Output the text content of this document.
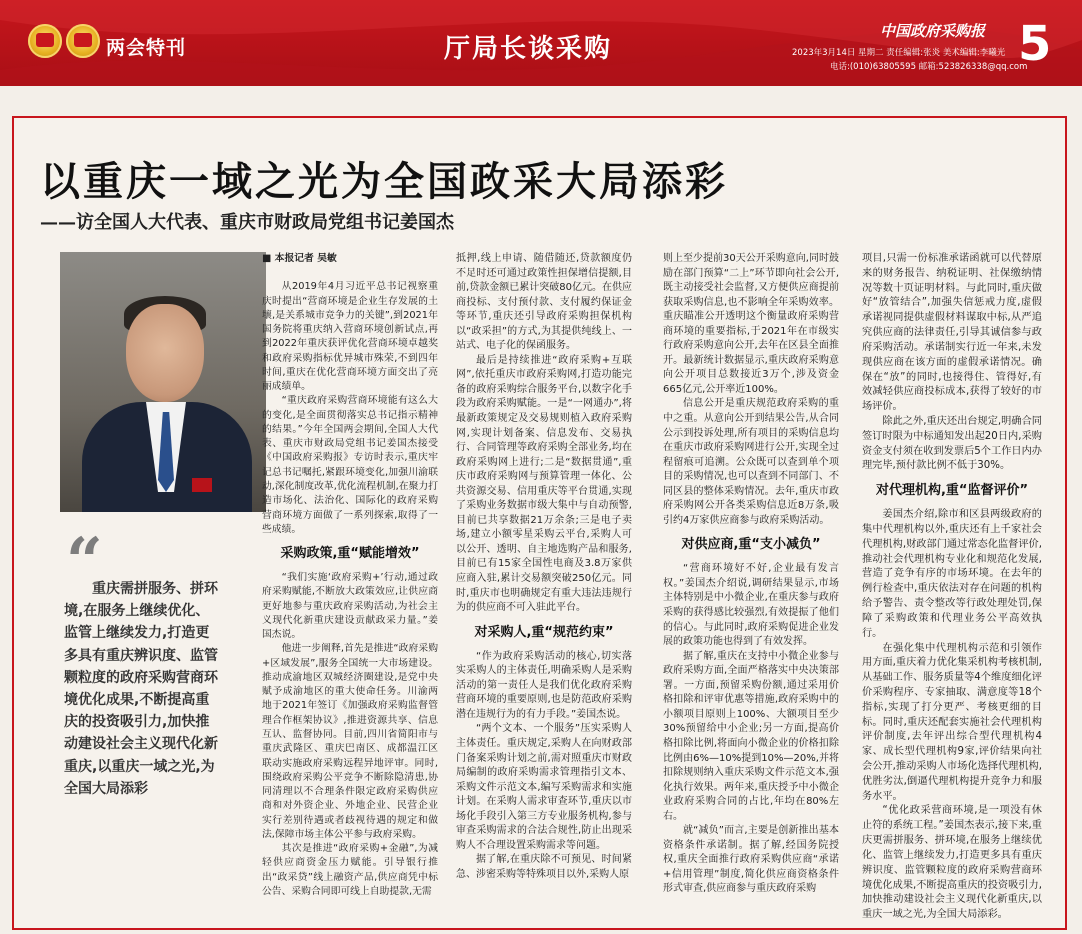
两会特刊	厅局长谈采购
中国政府采购报
2023年3月14日 星期二 责任编辑:张炎 美术编辑:李曦光
电话:(010)63805595 邮箱:523826338@qq.com
5
以重庆一域之光为全国政采大局添彩
——访全国人大代表、重庆市财政局党组书记姜国杰
“
重庆需拼服务、拼环境,在服务上继续优化、监管上继续发力,打造更多具有重庆辨识度、监管颗粒度的政府采购营商环境优化成果,不断提高重庆的投资吸引力,加快推动建设社会主义现代化新重庆,以重庆一域之光,为全国大局添彩

■ 本报记者 吴敏

从2019年4月习近平总书记视察重庆时提出“营商环境是企业生存发展的土壤,是关系城市竞争力的关键”,到2021年国务院将重庆纳入营商环境创新试点,再到2022年重庆获评优化营商环境卓越奖和政府采购指标优异城市殊荣,不到四年时间,重庆在优化营商环境方面交出了亮丽成绩单。

“重庆政府采购营商环境能有这么大的变化,是全面贯彻落实总书记指示精神的结果。”今年全国两会期间,全国人大代表、重庆市财政局党组书记姜国杰接受《中国政府采购报》专访时表示,重庆牢记总书记嘱托,紧跟环境变化,加强川渝联动,深化制度改革,优化流程机制,在聚力打造市场化、法治化、国际化的政府采购营商环境方面做了一系列探索,取得了一些成绩。

采购政策,重“赋能增效”

“我们实施‘政府采购+’行动,通过政府采购赋能,不断放大政策效应,让供应商更好地参与重庆政府采购活动,为社会主义现代化新重庆建设贡献政采力量。”姜国杰说。

他进一步阐释,首先是推进“政府采购+区域发展”,服务全国统一大市场建设。推动成渝地区双城经济圈建设,是党中央赋予成渝地区的重大使命任务。川渝两地于2021年签订《加强政府采购监督管理合作框架协议》,推进资源共享、信息互认、监督协同。目前,四川省简阳市与重庆武隆区、重庆巴南区、成都温江区联动实施政府采购远程异地评审。同时,围绕政府采购公平竞争不断除隐清患,协同清理以不合理条件限定政府采购供应商和对外资企业、外地企业、民营企业实行差别待遇或者歧视待遇的规定和做法,保障市场主体公平参与政府采购。

其次是推进“政府采购+金融”,为减轻供应商资金压力赋能。引导银行推出“政采贷”线上融资产品,供应商凭中标公告、采购合同即可线上自助提款,无需

抵押,线上申请、随借随还,贷款额度仍不足时还可通过政策性担保增信提额,目前,贷款金额已累计突破80亿元。在供应商投标、支付预付款、支付履约保证金等环节,重庆还引导政府采购担保机构以“政采担”的方式,为其提供纯线上、一站式、电子化的保函服务。

最后是持续推进“政府采购+互联网”,依托重庆市政府采购网,打造功能完备的政府采购综合服务平台,以数字化手段为政府采购赋能。一是“一网通办”,将最新政策规定及交易规则植入政府采购网,实现计划备案、信息发布、交易执行、合同管理等政府采购全部业务,均在政府采购网上进行;二是“数据贯通”,重庆市政府采购网与预算管理一体化、公共资源交易、信用重庆等平台贯通,实现了采购业务数据市级大集中与自动预警,目前已共享数据21万余条;三是电子卖场,建立小额零星采购云平台,采购人可以公开、透明、自主地选购产品和服务,目前已有15家全国性电商及3.8万家供应商入驻,累计交易额突破250亿元。同时,重庆市也明确规定有重大违法违规行为的供应商不可入驻此平台。

对采购人,重“规范约束”

“作为政府采购活动的核心,切实落实采购人的主体责任,明确采购人是采购活动的第一责任人是我们优化政府采购营商环境的重要原则,也是防范政府采购潜在违规行为的有力手段。”姜国杰说。

“两个文本、一个服务”压实采购人主体责任。重庆规定,采购人在向财政部门备案采购计划之前,需对照重庆市财政局编制的政府采购需求管理指引文本、采购文件示范文本,编写采购需求和实施计划。在采购人需求审查环节,重庆以市场化手段引入第三方专业服务机构,参与审查采购需求的合法合规性,防止出现采购人不合理设置采购需求等问题。

据了解,在重庆除不可预见、时间紧急、涉密采购等特殊项目以外,采购人原

则上至少提前30天公开采购意向,同时鼓励在部门预算“二上”环节即向社会公开,既主动接受社会监督,又方便供应商提前获取采购信息,也不影响全年采购效率。重庆瞄准公开透明这个衡量政府采购营商环境的重要指标,于2021年在市级实行政府采购意向公开,去年在区县全面推开。最新统计数据显示,重庆政府采购意向公开项目总数接近3万个,涉及资金665亿元,公开率近100%。

信息公开是重庆规范政府采购的重中之重。从意向公开到结果公告,从合同公示到投诉处理,所有项目的采购信息均在重庆市政府采购网进行公开,实现全过程留痕可追溯。公众既可以查到单个项目的采购情况,也可以查到不同部门、不同区县的整体采购情况。去年,重庆市政府采购网公开各类采购信息近8万条,吸引约4万家供应商参与政府采购活动。

对供应商,重“支小减负”

“营商环境好不好,企业最有发言权。”姜国杰介绍说,调研结果显示,市场主体特别是中小微企业,在重庆参与政府采购的获得感比较强烈,有效提振了他们的信心。与此同时,政府采购促进企业发展的政策功能也得到了有效发挥。

据了解,重庆在支持中小微企业参与政府采购方面,全面严格落实中央决策部署。一方面,预留采购份额,通过采用价格扣除和评审优惠等措施,政府采购中的小额项目原则上100%、大额项目至少30%预留给中小企业;另一方面,提高价格扣除比例,将面向小微企业的价格扣除比例由6%—10%提到10%—20%,并将扣除规则纳入重庆采购文件示范文本,强化执行效果。两年来,重庆授予中小微企业政府采购合同的占比,年均在80%左右。

就“减负”而言,主要是创新推出基本资格条件承诺制。据了解,经国务院授权,重庆全面推行政府采购供应商“承诺+信用管理”制度,简化供应商资格条件形式审查,供应商参与重庆政府采购

项目,只需一份标准承诺函就可以代替原来的财务报告、纳税证明、社保缴纳情况等数十页证明材料。与此同时,重庆做好“放管结合”,加强失信惩戒力度,虚假承诺视同提供虚假材料谋取中标,从严追究供应商的法律责任,引导其诚信参与政府采购活动。承诺制实行近一年来,未发现供应商在该方面的虚假承诺情况。确保在“放”的同时,也接得住、管得好,有效减轻供应商投标成本,获得了较好的市场评价。

除此之外,重庆还出台规定,明确合同签订时限为中标通知发出起20日内,采购资金支付须在收到发票后5个工作日内办理完毕,预付款比例不低于30%。

对代理机构,重“监督评价”

姜国杰介绍,除市和区县两级政府的集中代理机构以外,重庆还有上千家社会代理机构,财政部门通过常态化监督评价,推动社会代理机构专业化和规范化发展,营造了竞争有序的市场环境。在去年的例行检查中,重庆依法对存在问题的机构给予警告、责令整改等行政处理处罚,保障了采购政策和代理业务公平高效执行。

在强化集中代理机构示范和引领作用方面,重庆着力优化集采机构考核机制,从基础工作、服务质量等4个维度细化评价采购程序、专家抽取、满意度等18个指标,实现了打分更严、考核更细的目标。同时,重庆还配套实施社会代理机构评价制度,去年评出综合型代理机构4家、成长型代理机构9家,评价结果向社会公开,推动采购人市场化选择代理机构,优胜劣汰,倒逼代理机构提升竞争力和服务水平。

“优化政采营商环境,是一项没有休止符的系统工程。”姜国杰表示,接下来,重庆更需拼服务、拼环境,在服务上继续优化、监管上继续发力,打造更多具有重庆辨识度、监管颗粒度的政府采购营商环境优化成果,不断提高重庆的投资吸引力,加快推动建设社会主义现代化新重庆,以重庆一域之光,为全国大局添彩。
